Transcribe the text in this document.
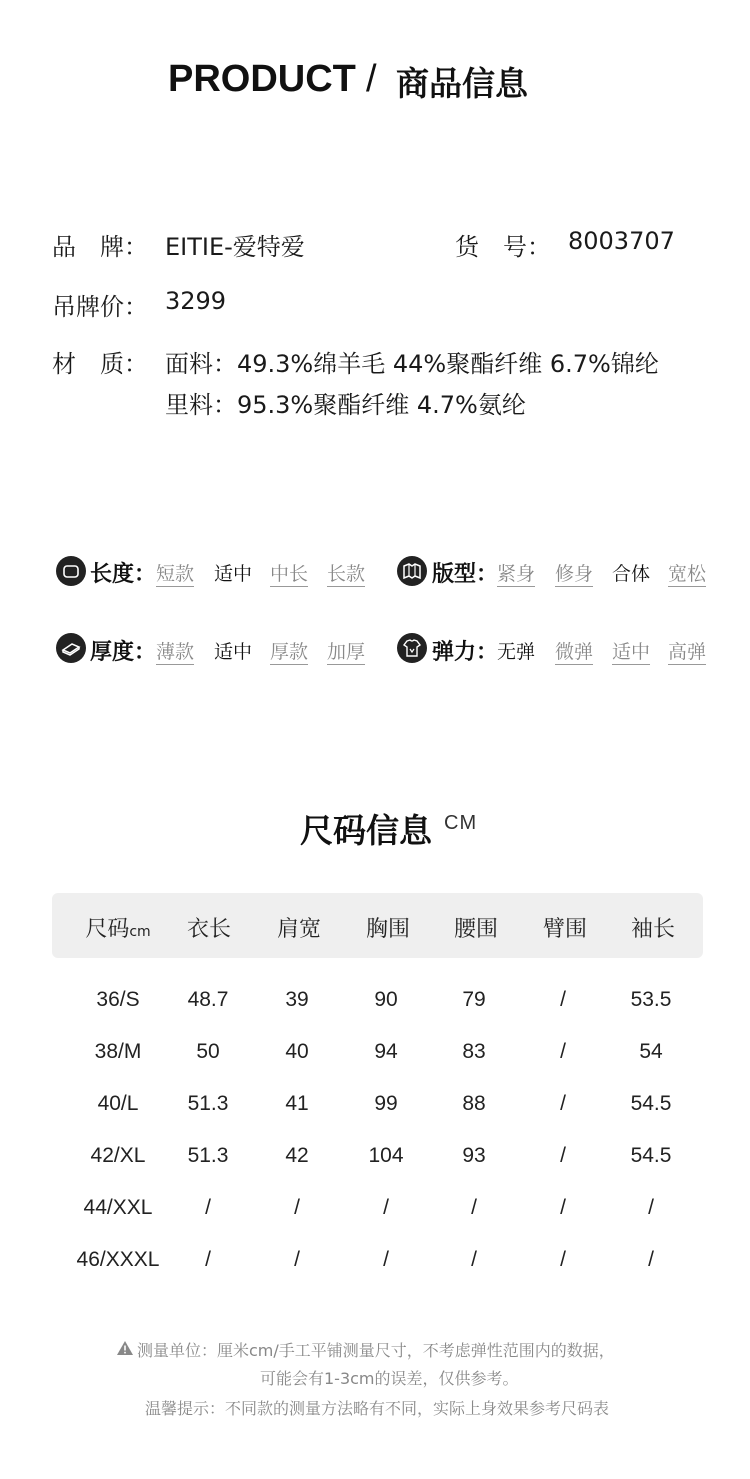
PRODUCT / 商品信息
品　牌： EITIE-爱特爱	货　号： 8003707
吊牌价： 3299
材　质： 面料：49.3%绵羊毛 44%聚酯纤维 6.7%锦纶
里料：95.3%聚酯纤维 4.7%氨纶
长度： 短款 适中 中长 长款	版型：
紧身 修身 合体 宽松
厚度： 薄款 适中 厚款 加厚	弹力：
无弹 微弹 适中 高弹
尺码信息 CM
尺码cm	衣长	肩宽	胸围	腰围	臂围	袖长
36/S	48.7	39	90	79	/	53.5
38/M	50	40	94	83	/	54
40/L	51.3	41	99	88	/	54.5
42/XL	51.3	42	104	93	/	54.5
44/XXL	/	/	/	/	/	/
46/XXXL	/	/	/	/	/	/
测量单位：厘米cm/手工平铺测量尺寸，不考虑弹性范围内的数据，
可能会有1-3cm的误差，仅供参考。
温馨提示：不同款的测量方法略有不同，实际上身效果参考尺码表
